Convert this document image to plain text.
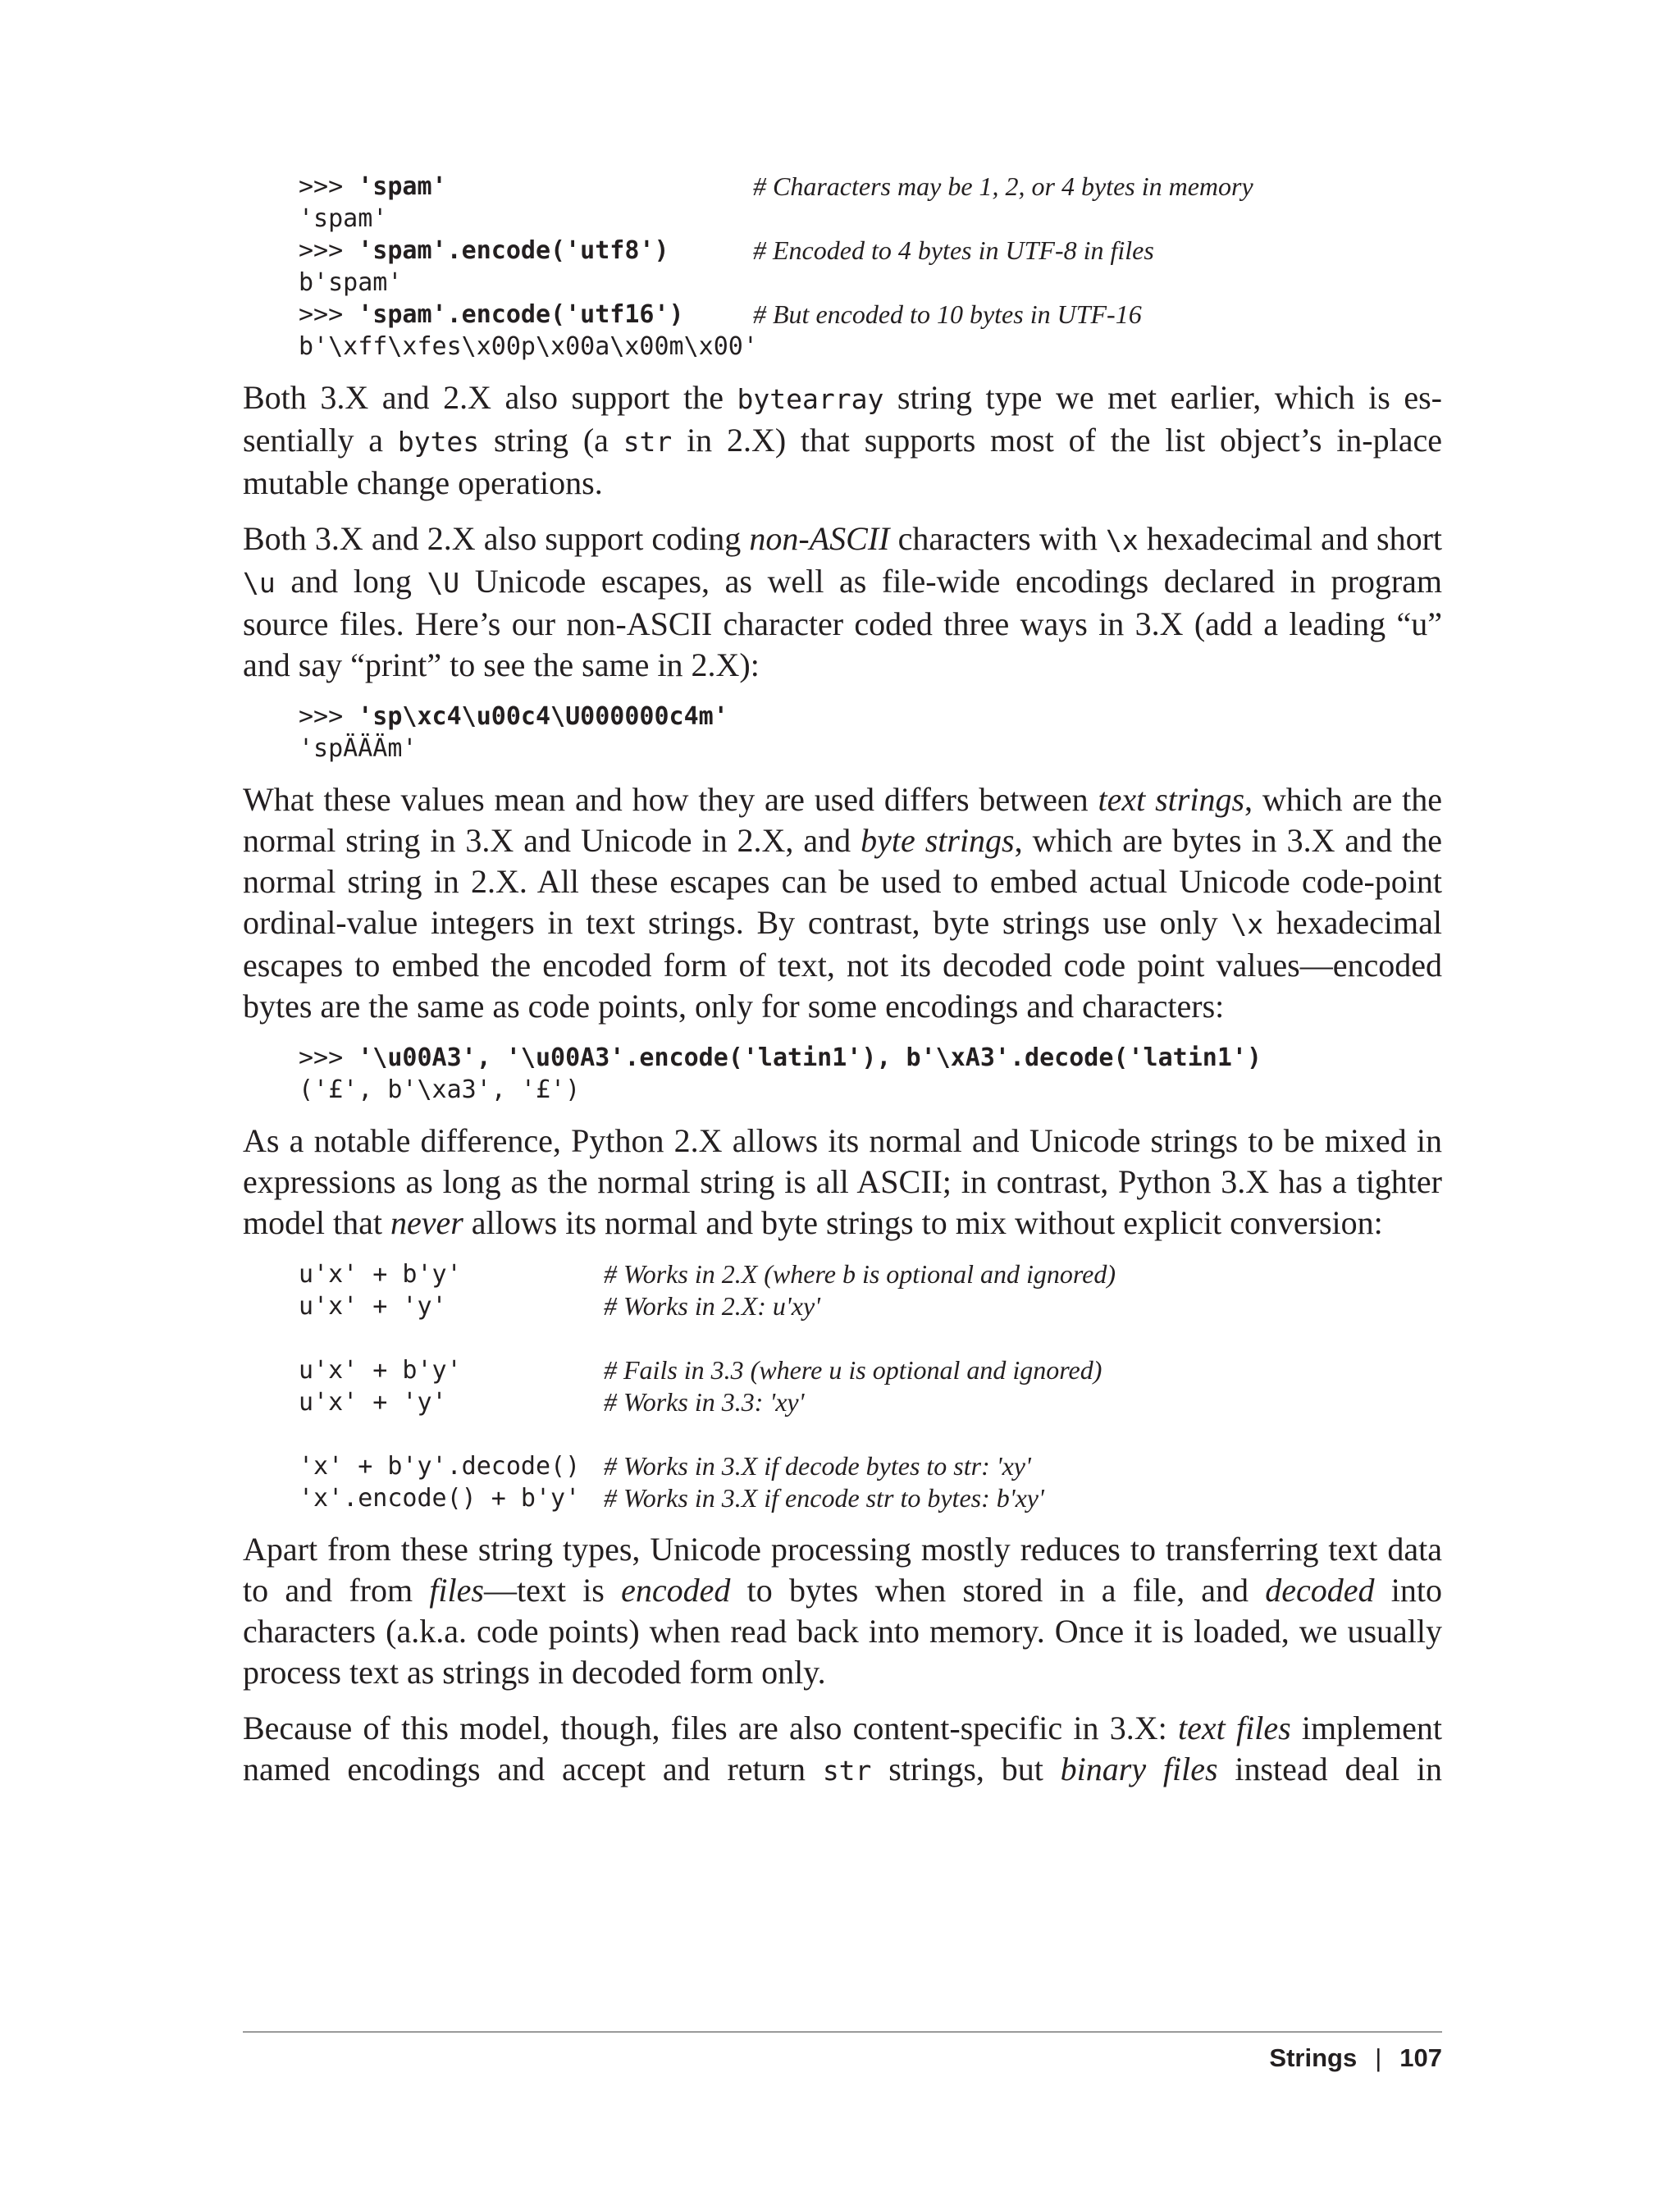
>>> 'spam'	# Characters may be 1, 2, or 4 bytes in memory
'spam'
>>> 'spam'.encode('utf8')	# Encoded to 4 bytes in UTF-8 in files
b'spam'
>>> 'spam'.encode('utf16')	# But encoded to 10 bytes in UTF-16
b'\xff\xfes\x00p\x00a\x00m\x00'

Both 3.X and 2.X also support the bytearray string type we met earlier, which is essentially a bytes string (a str in 2.X) that supports most of the list object’s in-place mutable change operations.

Both 3.X and 2.X also support coding non-ASCII characters with \x hexadecimal and short \u and long \U Unicode escapes, as well as file-wide encodings declared in program source files. Here’s our non-ASCII character coded three ways in 3.X (add a leading “u” and say “print” to see the same in 2.X):

>>> 'sp\xc4\u00c4\U000000c4m'
'spÄÄÄm'

What these values mean and how they are used differs between text strings, which are the normal string in 3.X and Unicode in 2.X, and byte strings, which are bytes in 3.X and the normal string in 2.X. All these escapes can be used to embed actual Unicode code-point ordinal-value integers in text strings. By contrast, byte strings use only \x hexadecimal escapes to embed the encoded form of text, not its decoded code point values—encoded bytes are the same as code points, only for some encodings and characters:

>>> '\u00A3', '\u00A3'.encode('latin1'), b'\xA3'.decode('latin1')
('£', b'\xa3', '£')

As a notable difference, Python 2.X allows its normal and Unicode strings to be mixed in expressions as long as the normal string is all ASCII; in contrast, Python 3.X has a tighter model that never allows its normal and byte strings to mix without explicit conversion:

u'x' + b'y'	# Works in 2.X (where b is optional and ignored)
u'x' + 'y'	# Works in 2.X: u'xy'
u'x' + b'y'	# Fails in 3.3 (where u is optional and ignored)
u'x' + 'y'	# Works in 3.3: 'xy'
'x' + b'y'.decode() # Works in 3.X if decode bytes to str: 'xy'
'x'.encode() + b'y' # Works in 3.X if encode str to bytes: b'xy'

Apart from these string types, Unicode processing mostly reduces to transferring text data to and from files—text is encoded to bytes when stored in a file, and decoded into characters (a.k.a. code points) when read back into memory. Once it is loaded, we usually process text as strings in decoded form only.

Because of this model, though, files are also content-specific in 3.X: text files implement named encodings and accept and return str strings, but binary files instead deal in

Strings | 107
